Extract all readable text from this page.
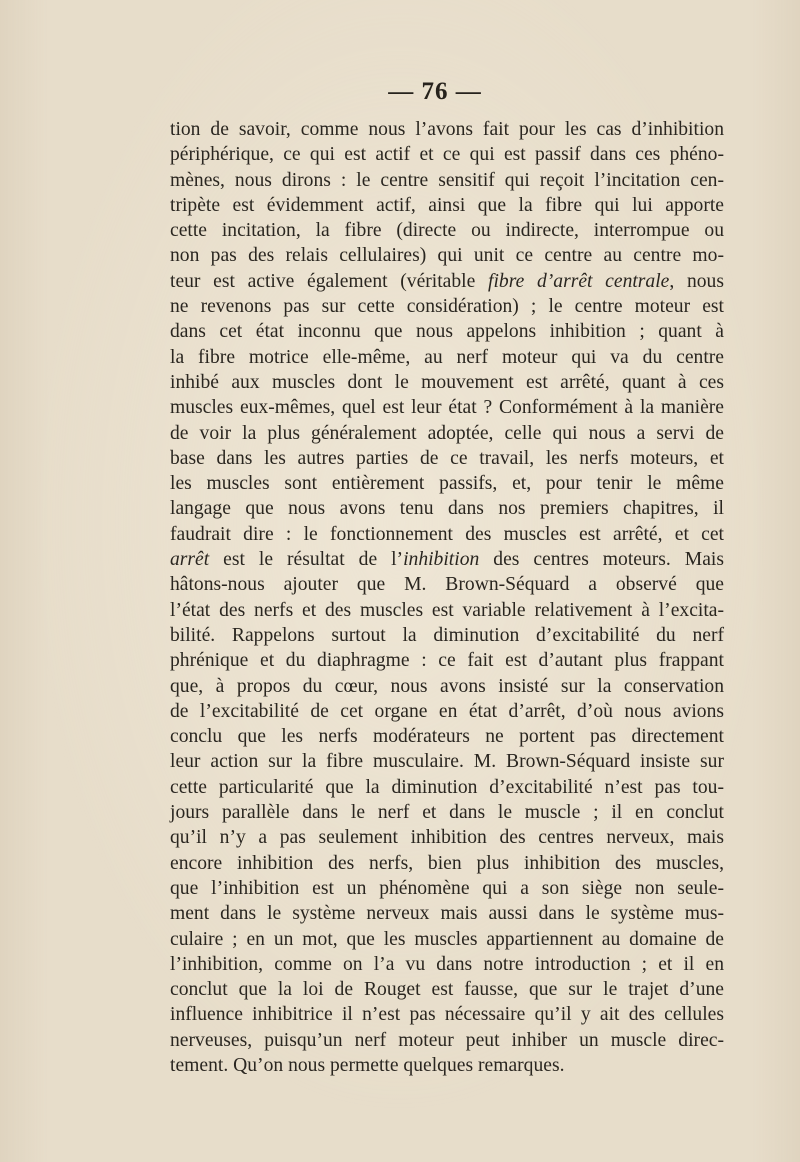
— 76 —
tion de savoir, comme nous l’avons fait pour les cas d’inhibition
périphérique, ce qui est actif et ce qui est passif dans ces phéno-
mènes, nous dirons : le centre sensitif qui reçoit l’incitation cen-
tripète est évidemment actif, ainsi que la fibre qui lui apporte
cette incitation, la fibre (directe ou indirecte, interrompue ou
non pas des relais cellulaires) qui unit ce centre au centre mo-
teur est active également (véritable fibre d’arrêt centrale, nous
ne revenons pas sur cette considération) ; le centre moteur est
dans cet état inconnu que nous appelons inhibition ; quant à
la fibre motrice elle-même, au nerf moteur qui va du centre
inhibé aux muscles dont le mouvement est arrêté, quant à ces
muscles eux-mêmes, quel est leur état ? Conformément à la manière
de voir la plus généralement adoptée, celle qui nous a servi de
base dans les autres parties de ce travail, les nerfs moteurs, et
les muscles sont entièrement passifs, et, pour tenir le même
langage que nous avons tenu dans nos premiers chapitres, il
faudrait dire : le fonctionnement des muscles est arrêté, et cet
arrêt est le résultat de l’inhibition des centres moteurs. Mais
hâtons-nous ajouter que M. Brown-Séquard a observé que
l’état des nerfs et des muscles est variable relativement à l’excita-
bilité. Rappelons surtout la diminution d’excitabilité du nerf
phrénique et du diaphragme : ce fait est d’autant plus frappant
que, à propos du cœur, nous avons insisté sur la conservation
de l’excitabilité de cet organe en état d’arrêt, d’où nous avions
conclu que les nerfs modérateurs ne portent pas directement
leur action sur la fibre musculaire. M. Brown-Séquard insiste sur
cette particularité que la diminution d’excitabilité n’est pas tou-
jours parallèle dans le nerf et dans le muscle ; il en conclut
qu’il n’y a pas seulement inhibition des centres nerveux, mais
encore inhibition des nerfs, bien plus inhibition des muscles,
que l’inhibition est un phénomène qui a son siège non seule-
ment dans le système nerveux mais aussi dans le système mus-
culaire ; en un mot, que les muscles appartiennent au domaine de
l’inhibition, comme on l’a vu dans notre introduction ; et il en
conclut que la loi de Rouget est fausse, que sur le trajet d’une
influence inhibitrice il n’est pas nécessaire qu’il y ait des cellules
nerveuses, puisqu’un nerf moteur peut inhiber un muscle direc-
tement. Qu’on nous permette quelques remarques.
